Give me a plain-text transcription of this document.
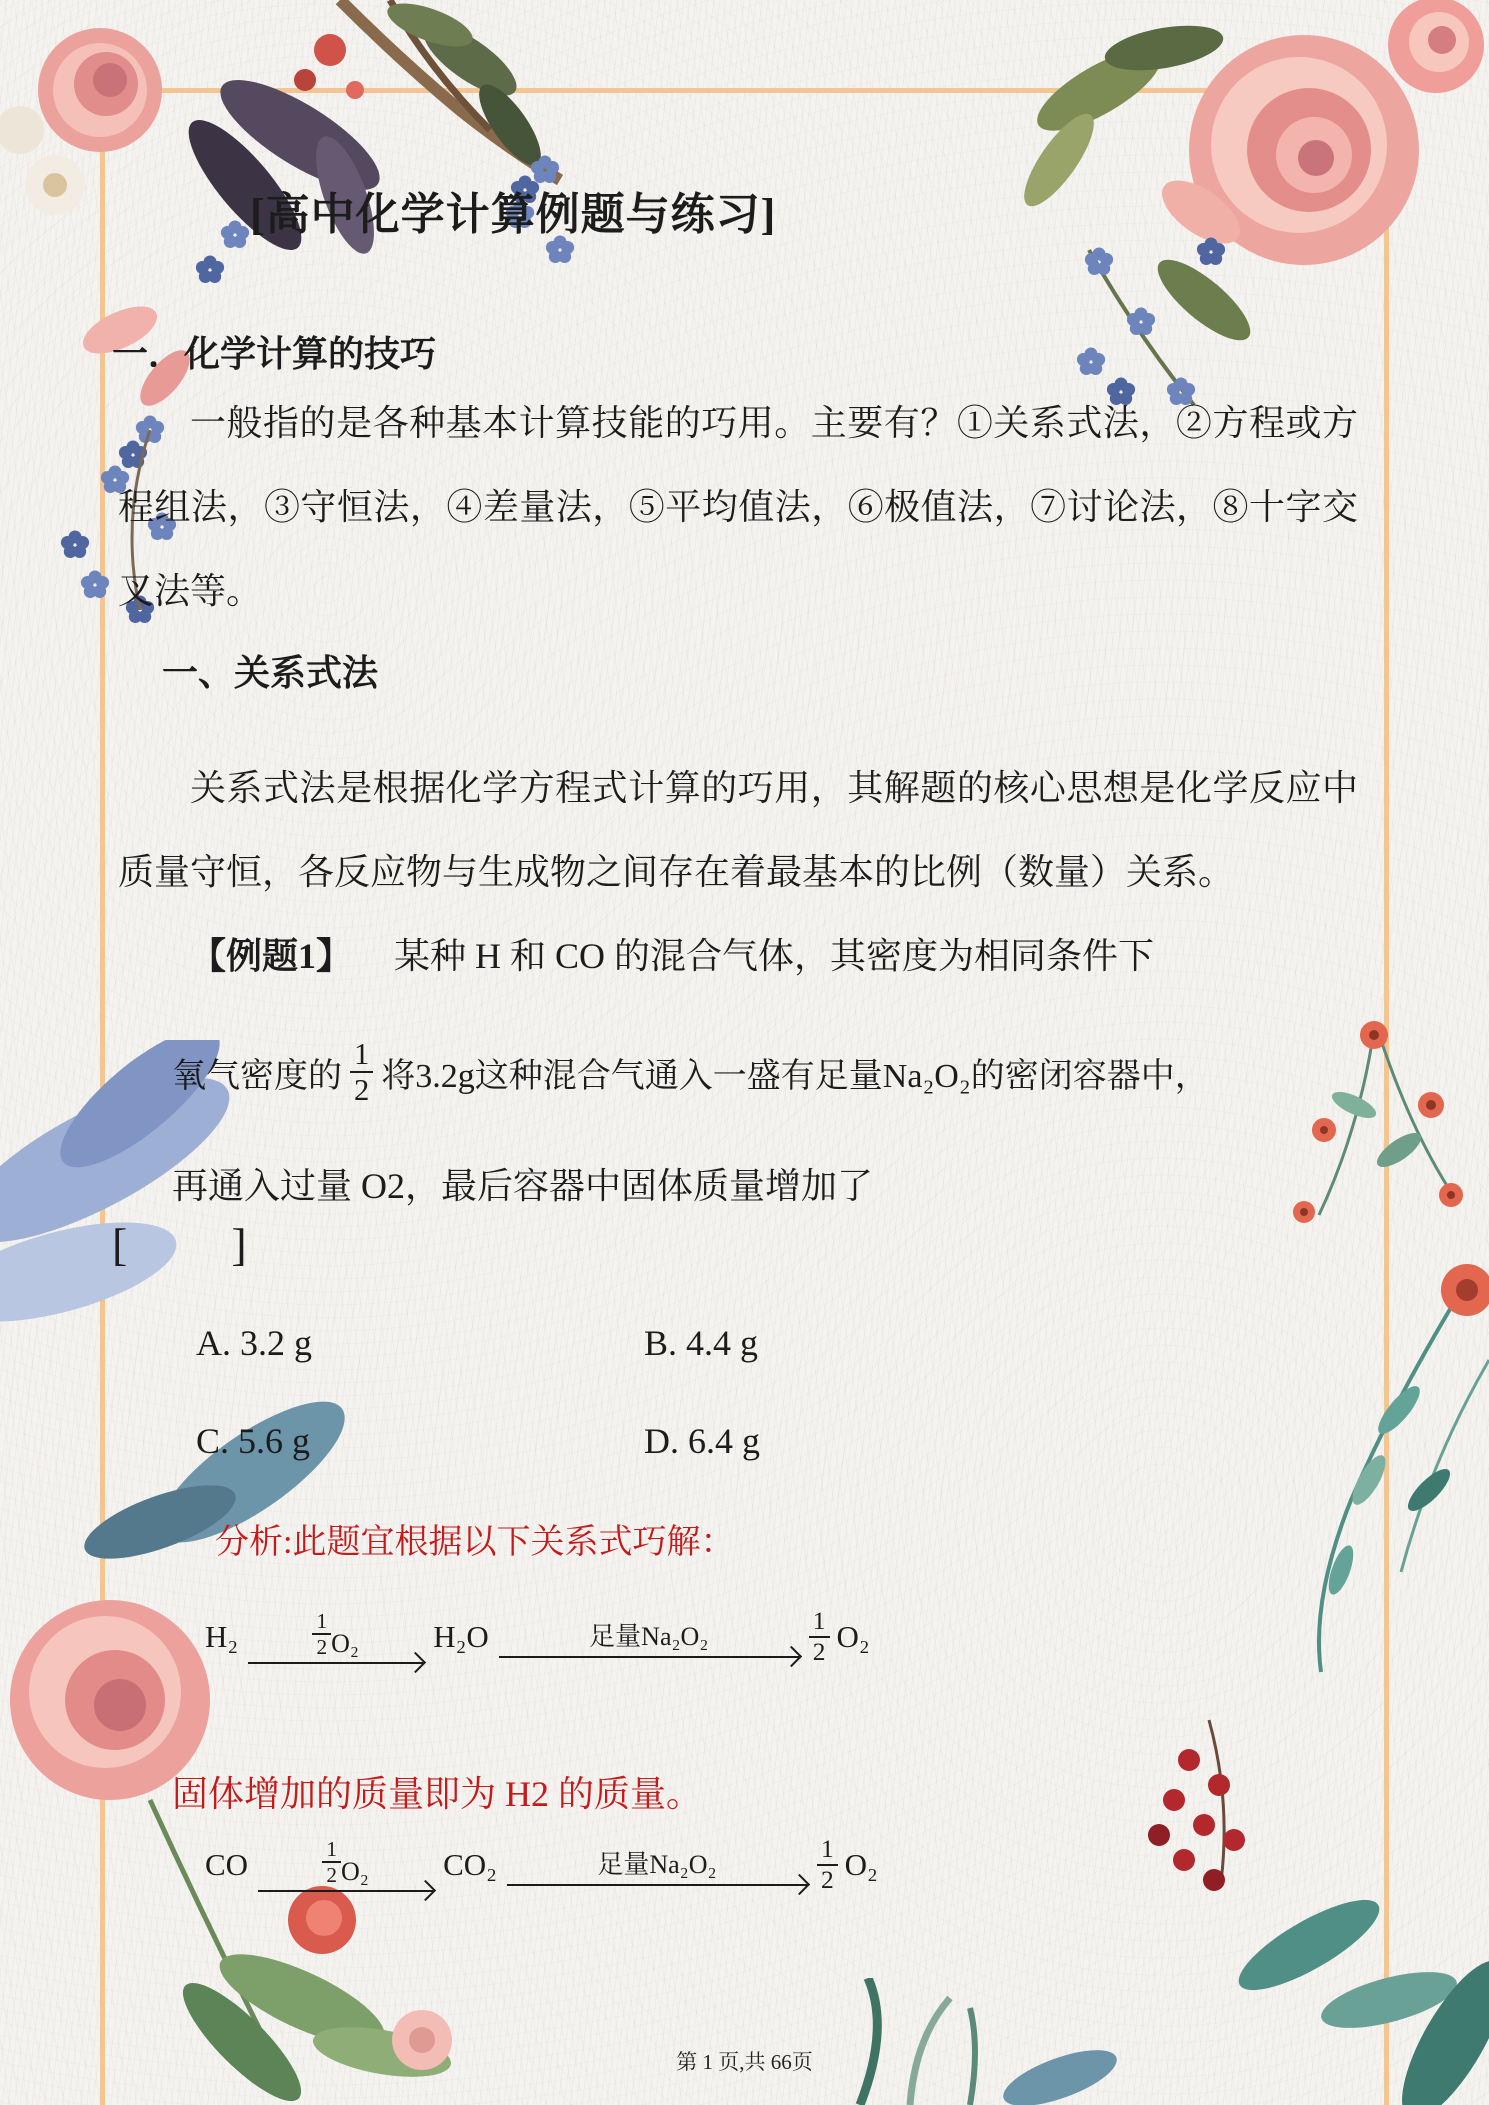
[高中化学计算例题与练习]
一．化学计算的技巧
一般指的是各种基本计算技能的巧用。主要有？①关系式法，②方程或方程组法，③守恒法，④差量法，⑤平均值法，⑥极值法，⑦讨论法，⑧十字交叉法等。
一、关系式法
关系式法是根据化学方程式计算的巧用，其解题的核心思想是化学反应中质量守恒，各反应物与生成物之间存在着最基本的比例（数量）关系。
【例题1】 某种 H 和 CO 的混合气体，其密度为相同条件下
氧气密度的 $\frac{1}{2}$ 将3.2g这种混合气通入一盛有足量Na₂O₂的密闭容器中，
再通入过量 O2，最后容器中固体质量增加了
[ ]
A. 3.2 g	B. 4.4 g
C. 5.6 g	D. 6.4 g
分析:此题宜根据以下关系式巧解：
H₂	$\frac{1}{2} O_2$ H₂O	足量Na₂O₂	$\frac{1}{2} O_2$
固体增加的质量即为 H2 的质量。
CO	$\frac{1}{2} O_2$ CO₂	足量Na₂O₂	$\frac{1}{2} O_2$
第 1 页,共 66页
